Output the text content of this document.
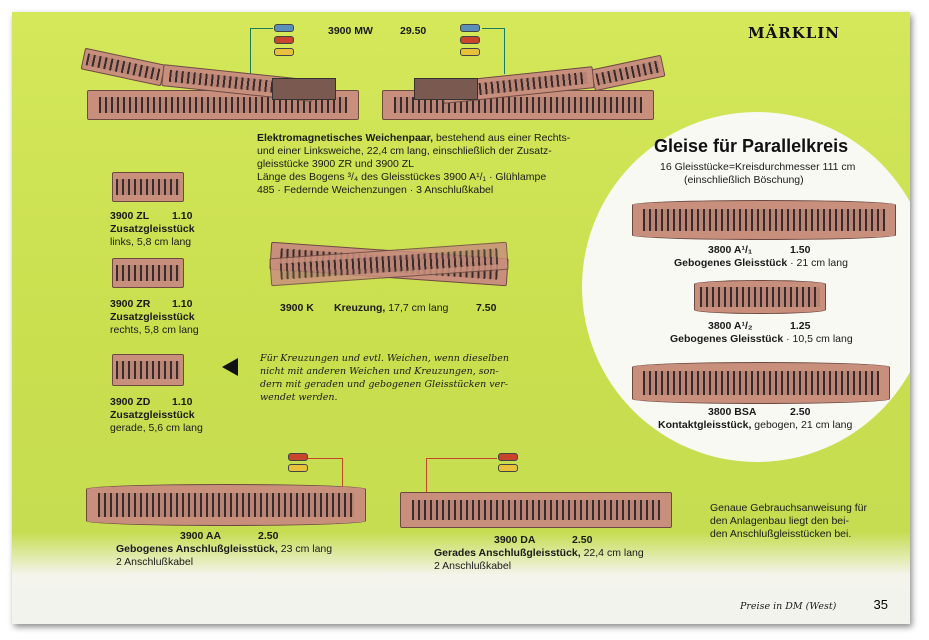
MÄRKLIN
3900 MW	29.50
Elektromagnetisches Weichenpaar, bestehend aus einer Rechts-
und einer Linksweiche, 22,4 cm lang, einschließlich der Zusatz-
gleisstücke 3900 ZR und 3900 ZL
Länge des Bogens ³/₄ des Gleisstückes 3900 A¹/₁ · Glühlampe
485 · Federnde Weichenzungen · 3 Anschlußkabel
3900 ZL 1.10
Zusatzgleisstück
links, 5,8 cm lang
3900 ZR 1.10
Zusatzgleisstück
rechts, 5,8 cm lang
3900 ZD 1.10
Zusatzgleisstück
gerade, 5,6 cm lang
3900 K Kreuzung, 17,7 cm lang	7.50
Für Kreuzungen und evtl. Weichen, wenn dieselben
nicht mit anderen Weichen und Kreuzungen, son-
dern mit geraden und gebogenen Gleisstücken ver-
wendet werden.
Gleise für Parallelkreis
16 Gleisstücke=Kreisdurchmesser 111 cm
(einschließlich Böschung)
3800 A¹/₁	1.50
Gebogenes Gleisstück · 21 cm lang
3800 A¹/₂	1.25
Gebogenes Gleisstück · 10,5 cm lang
3800 BSA	2.50
Kontaktgleisstück, gebogen, 21 cm lang
3900 AA	2.50
Gebogenes Anschlußgleisstück, 23 cm lang
2 Anschlußkabel
3900 DA	2.50
Gerades Anschlußgleisstück, 22,4 cm lang
2 Anschlußkabel
Genaue Gebrauchsanweisung für
den Anlagenbau liegt den bei-
den Anschlußgleisstücken bei.
Preise in DM (West)	35
